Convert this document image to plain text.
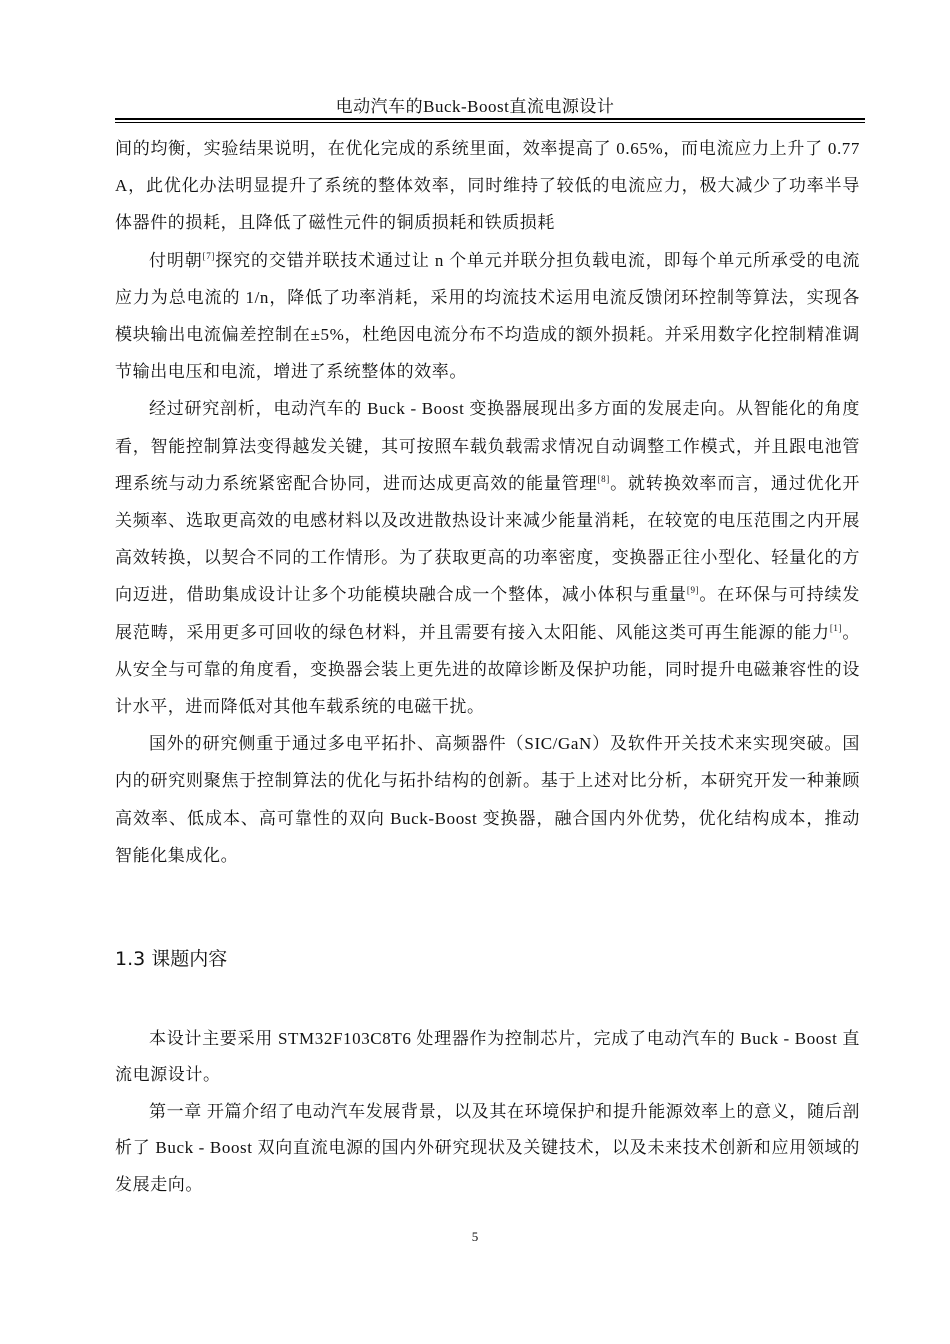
电动汽车的Buck-Boost直流电源设计

间的均衡，实验结果说明，在优化完成的系统里面，效率提高了 0.65%，而电流应力上升了 0.77 A，此优化办法明显提升了系统的整体效率，同时维持了较低的电流应力，极大减少了功率半导体器件的损耗，且降低了磁性元件的铜质损耗和铁质损耗

付明朝[7]探究的交错并联技术通过让 n 个单元并联分担负载电流，即每个单元所承受的电流应力为总电流的 1/n，降低了功率消耗，采用的均流技术运用电流反馈闭环控制等算法，实现各模块输出电流偏差控制在±5%，杜绝因电流分布不均造成的额外损耗。并采用数字化控制精准调节输出电压和电流，增进了系统整体的效率。

经过研究剖析，电动汽车的 Buck - Boost 变换器展现出多方面的发展走向。从智能化的角度看，智能控制算法变得越发关键，其可按照车载负载需求情况自动调整工作模式，并且跟电池管理系统与动力系统紧密配合协同，进而达成更高效的能量管理[8]。就转换效率而言，通过优化开关频率、选取更高效的电感材料以及改进散热设计来减少能量消耗，在较宽的电压范围之内开展高效转换，以契合不同的工作情形。为了获取更高的功率密度，变换器正往小型化、轻量化的方向迈进，借助集成设计让多个功能模块融合成一个整体，减小体积与重量[9]。在环保与可持续发展范畴，采用更多可回收的绿色材料，并且需要有接入太阳能、风能这类可再生能源的能力[1]。从安全与可靠的角度看，变换器会装上更先进的故障诊断及保护功能，同时提升电磁兼容性的设计水平，进而降低对其他车载系统的电磁干扰。

国外的研究侧重于通过多电平拓扑、高频器件（SIC/GaN）及软件开关技术来实现突破。国内的研究则聚焦于控制算法的优化与拓扑结构的创新。基于上述对比分析，本研究开发一种兼顾高效率、低成本、高可靠性的双向 Buck-Boost 变换器，融合国内外优势，优化结构成本，推动智能化集成化。

1.3 课题内容

本设计主要采用 STM32F103C8T6 处理器作为控制芯片，完成了电动汽车的 Buck - Boost 直流电源设计。

第一章 开篇介绍了电动汽车发展背景，以及其在环境保护和提升能源效率上的意义，随后剖析了 Buck - Boost 双向直流电源的国内外研究现状及关键技术，以及未来技术创新和应用领域的发展走向。

5
